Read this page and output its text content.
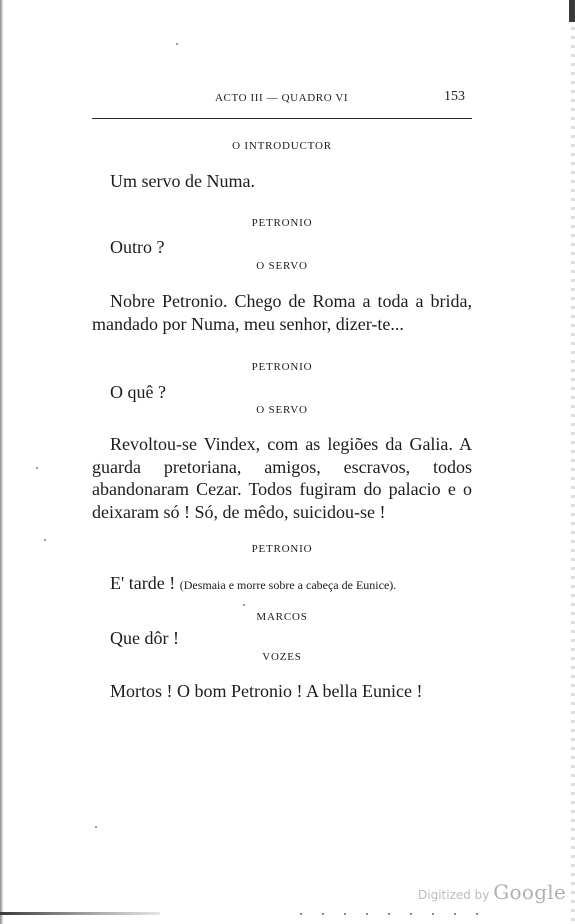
ACTO III — QUADRO VI	153
O INTRODUCTOR
Um servo de Numa.
PETRONIO
Outro ?
O SERVO
Nobre Petronio. Chego de Roma a toda a brida, mandado por Numa, meu senhor, dizer-te...
PETRONIO
O quê ?
O SERVO
Revoltou-se Vindex, com as legiões da Galia. A guarda pretoriana, amigos, escravos, todos abandonaram Cezar. Todos fugiram do palacio e o deixaram só ! Só, de mêdo, suicidou-se !
PETRONIO
E' tarde ! (Desmaia e morre sobre a cabeça de Eunice).
MARCOS
Que dôr !
VOZES
Mortos ! O bom Petronio ! A bella Eunice !
Digitized by Google
